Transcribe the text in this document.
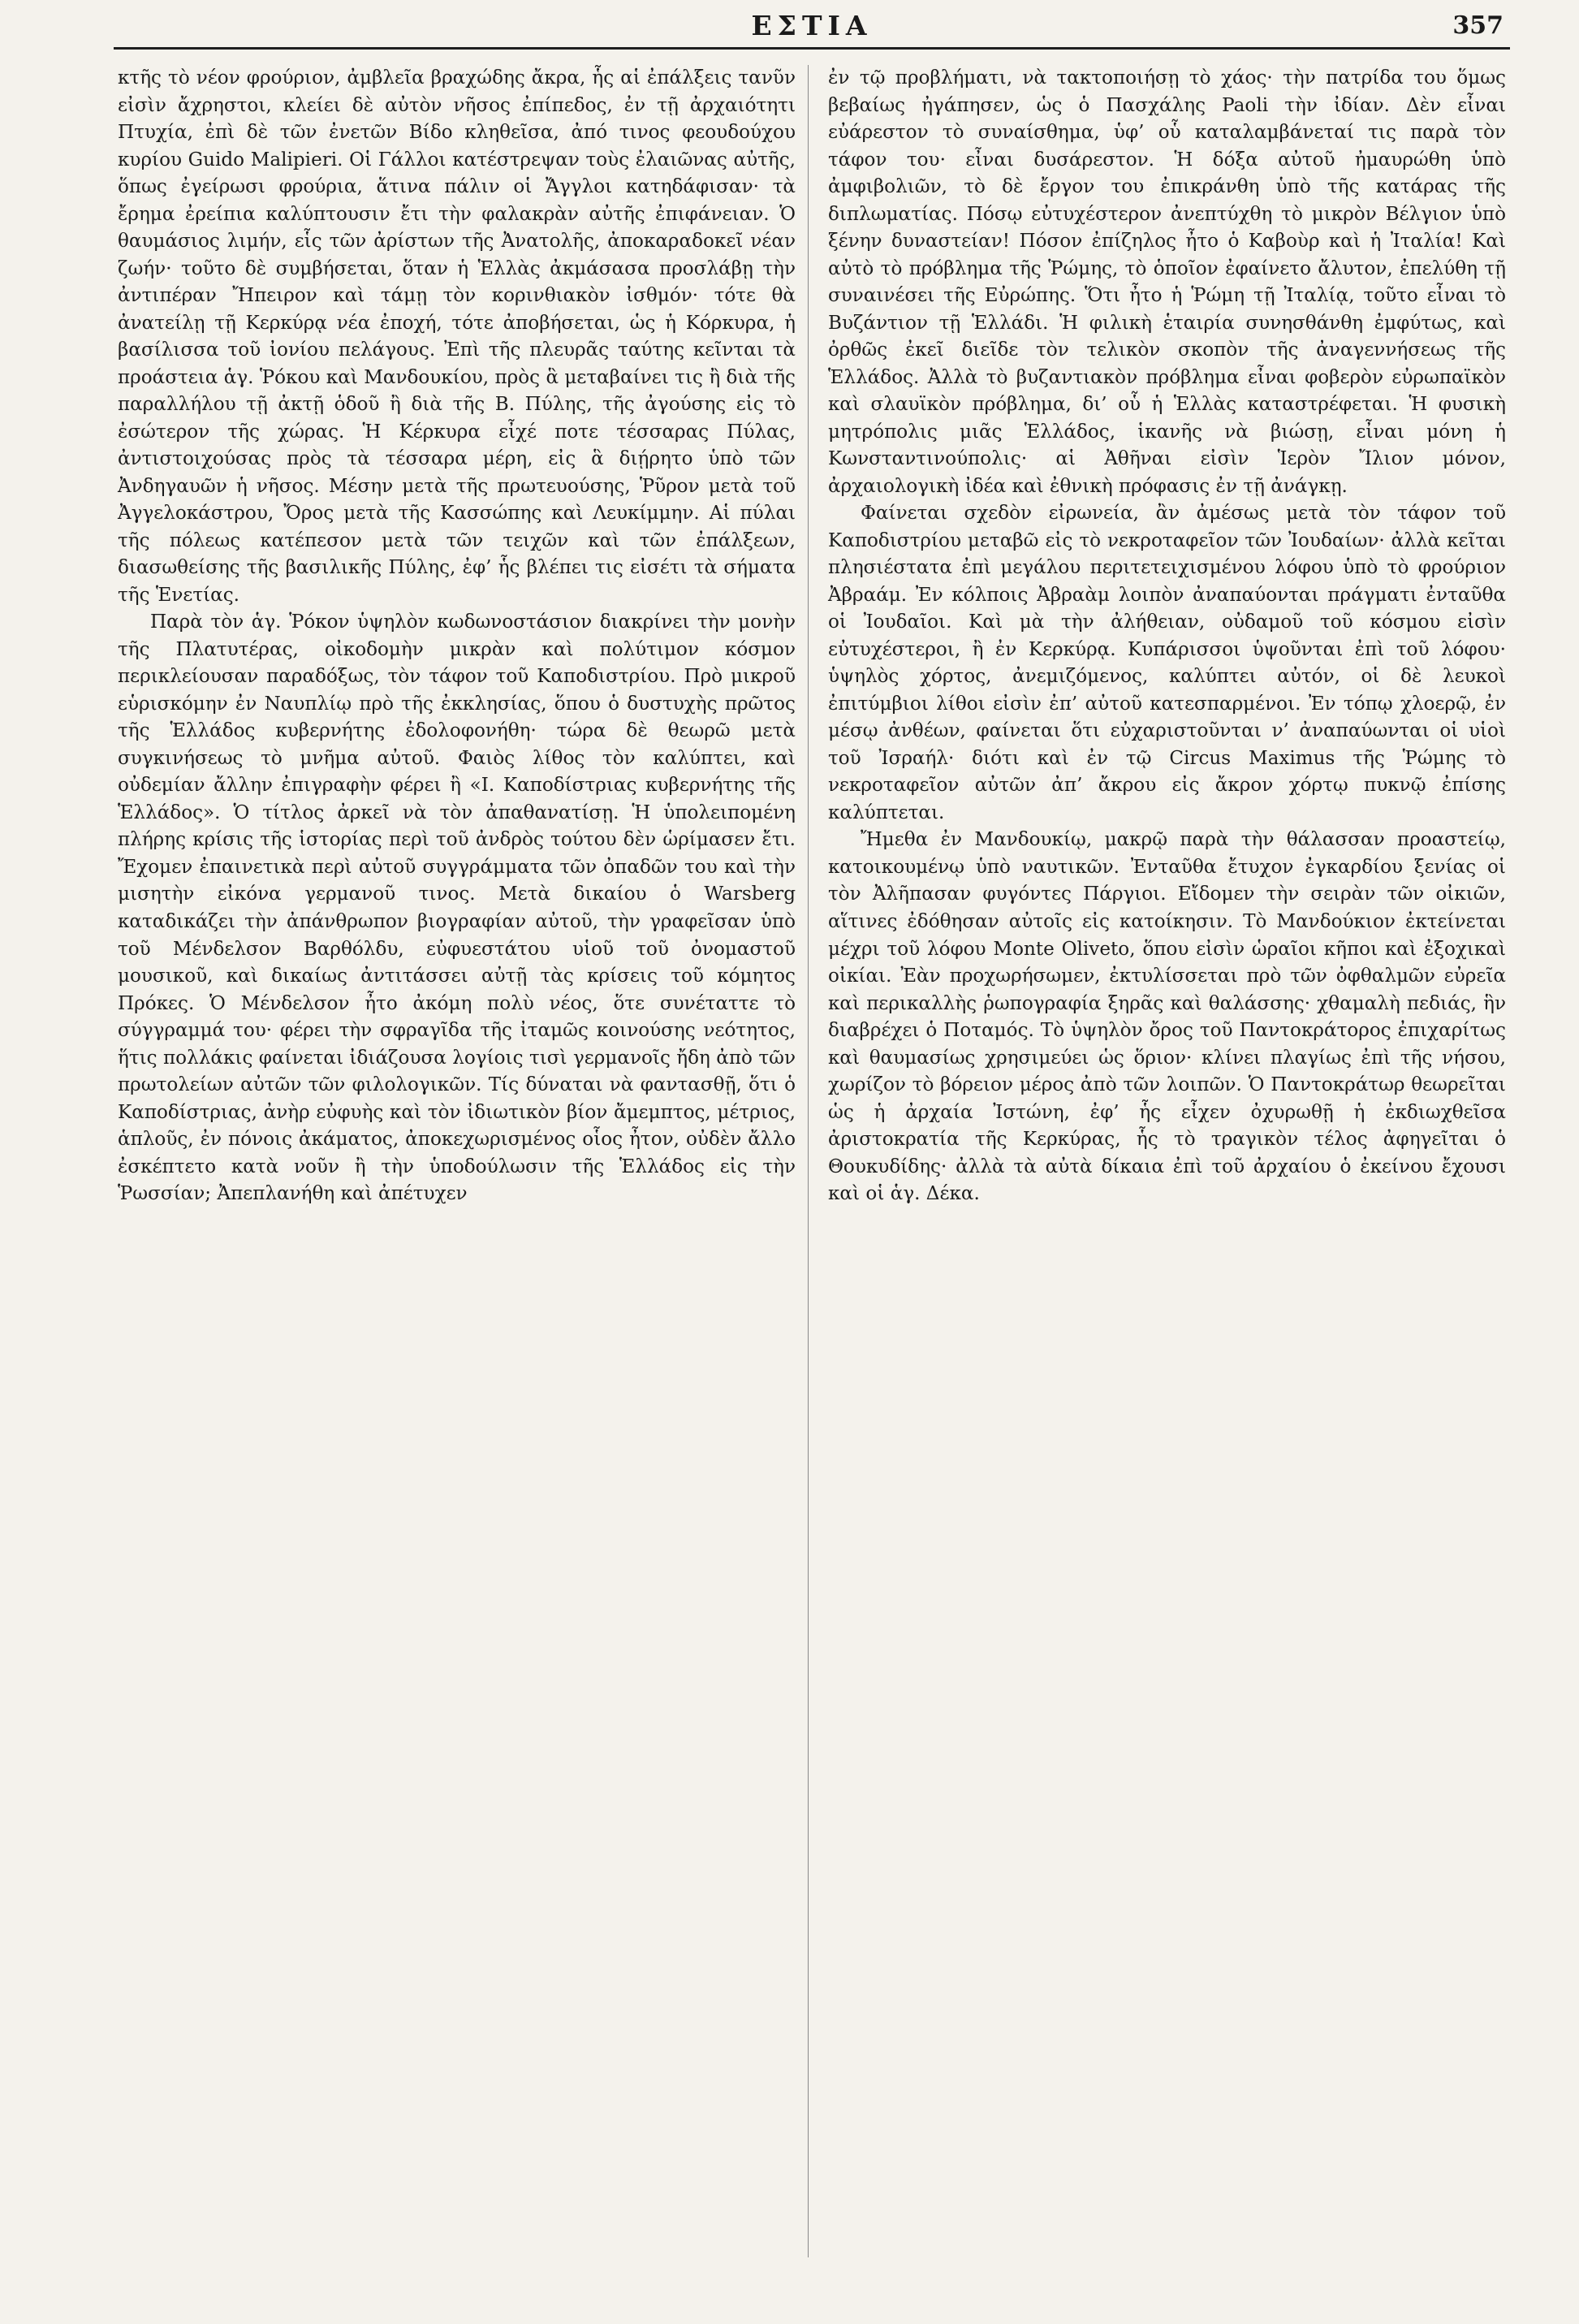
ΕΣΤΙΑ	357

κτῆς τὸ νέον φρούριον, ἀμβλεῖα βραχώδης ἄκρα, ἧς αἱ ἐπάλξεις τανῦν εἰσὶν ἄχρηστοι, κλείει δὲ αὐτὸν νῆσος ἐπίπεδος, ἐν τῇ ἀρχαιότητι Πτυχία, ἐπὶ δὲ τῶν ἐνετῶν Βίδο κληθεῖσα, ἀπό τινος φεουδούχου κυρίου Guido Malipieri. Οἱ Γάλλοι κατέστρεψαν τοὺς ἐλαιῶνας αὐτῆς, ὅπως ἐγείρωσι φρούρια, ἅτινα πάλιν οἱ Ἄγγλοι κατηδάφισαν· τὰ ἔρημα ἐρείπια καλύπτουσιν ἔτι τὴν φαλακρὰν αὐτῆς ἐπιφάνειαν. Ὁ θαυμάσιος λιμήν, εἷς τῶν ἀρίστων τῆς Ἀνατολῆς, ἀποκαραδοκεῖ νέαν ζωήν· τοῦτο δὲ συμβήσεται, ὅταν ἡ Ἑλλὰς ἀκμάσασα προσλάβῃ τὴν ἀντιπέραν Ἤπειρον καὶ τάμῃ τὸν κορινθιακὸν ἰσθμόν· τότε θὰ ἀνατείλῃ τῇ Κερκύρᾳ νέα ἐποχή, τότε ἀποβήσεται, ὡς ἡ Κόρκυρα, ἡ βασίλισσα τοῦ ἰονίου πελάγους. Ἐπὶ τῆς πλευρᾶς ταύτης κεῖνται τὰ προάστεια ἁγ. Ῥόκου καὶ Μανδουκίου, πρὸς ἃ μεταβαίνει τις ἢ διὰ τῆς παραλλήλου τῇ ἀκτῇ ὁδοῦ ἢ διὰ τῆς Β. Πύλης, τῆς ἀγούσης εἰς τὸ ἐσώτερον τῆς χώρας. Ἡ Κέρκυρα εἶχέ ποτε τέσσαρας Πύλας, ἀντιστοιχούσας πρὸς τὰ τέσσαρα μέρη, εἰς ἃ διῄρητο ὑπὸ τῶν Ἀνδηγαυῶν ἡ νῆσος. Μέσην μετὰ τῆς πρωτευούσης, Ῥῦρον μετὰ τοῦ Ἀγγελοκάστρου, Ὄρος μετὰ τῆς Κασσώπης καὶ Λευκίμμην. Αἱ πύλαι τῆς πόλεως κατέπεσον μετὰ τῶν τειχῶν καὶ τῶν ἐπάλξεων, διασωθείσης τῆς βασιλικῆς Πύλης, ἐφ’ ἧς βλέπει τις εἰσέτι τὰ σήματα τῆς Ἑνετίας.

Παρὰ τὸν ἁγ. Ῥόκον ὑψηλὸν κωδωνοστάσιον διακρίνει τὴν μονὴν τῆς Πλατυτέρας, οἰκοδομὴν μικρὰν καὶ πολύτιμον κόσμον περικλείουσαν παραδόξως, τὸν τάφον τοῦ Καποδιστρίου. Πρὸ μικροῦ εὑρισκόμην ἐν Ναυπλίῳ πρὸ τῆς ἐκκλησίας, ὅπου ὁ δυστυχὴς πρῶτος τῆς Ἑλλάδος κυβερνήτης ἐδολοφονήθη· τώρα δὲ θεωρῶ μετὰ συγκινήσεως τὸ μνῆμα αὐτοῦ. Φαιὸς λίθος τὸν καλύπτει, καὶ οὐδεμίαν ἄλλην ἐπιγραφὴν φέρει ἢ «Ι. Καποδίστριας κυβερνήτης τῆς Ἑλλάδος». Ὁ τίτλος ἀρκεῖ νὰ τὸν ἀπαθανατίσῃ. Ἡ ὑπολειπομένη πλήρης κρίσις τῆς ἱστορίας περὶ τοῦ ἀνδρὸς τούτου δὲν ὡρίμασεν ἔτι. Ἔχομεν ἐπαινετικὰ περὶ αὐτοῦ συγγράμματα τῶν ὀπαδῶν του καὶ τὴν μισητὴν εἰκόνα γερμανοῦ τινος. Μετὰ δικαίου ὁ Warsberg καταδικάζει τὴν ἀπάνθρωπον βιογραφίαν αὐτοῦ, τὴν γραφεῖσαν ὑπὸ τοῦ Μένδελσον Βαρθόλδυ, εὐφυεστάτου υἱοῦ τοῦ ὀνομαστοῦ μουσικοῦ, καὶ δικαίως ἀντιτάσσει αὐτῇ τὰς κρίσεις τοῦ κόμητος Πρόκες. Ὁ Μένδελσον ἦτο ἀκόμη πολὺ νέος, ὅτε συνέταττε τὸ σύγγραμμά του· φέρει τὴν σφραγῖδα τῆς ἰταμῶς κοινούσης νεότητος, ἥτις πολλάκις φαίνεται ἰδιάζουσα λογίοις τισὶ γερμανοῖς ἤδη ἀπὸ τῶν πρωτολείων αὐτῶν τῶν φιλολογικῶν. Τίς δύναται νὰ φαντασθῇ, ὅτι ὁ Καποδίστριας, ἀνὴρ εὐφυὴς καὶ τὸν ἰδιωτικὸν βίον ἄμεμπτος, μέτριος, ἁπλοῦς, ἐν πόνοις ἀκάματος, ἀποκεχωρισμένος οἷος ἦτον, οὐδὲν ἄλλο ἐσκέπτετο κατὰ νοῦν ἢ τὴν ὑποδούλωσιν τῆς Ἑλλάδος εἰς τὴν Ῥωσσίαν; Ἀπεπλανήθη καὶ ἀπέτυχεν

ἐν τῷ προβλήματι, νὰ τακτοποιήσῃ τὸ χάος· τὴν πατρίδα του ὅμως βεβαίως ἠγάπησεν, ὡς ὁ Πασχάλης Paoli τὴν ἰδίαν. Δὲν εἶναι εὐάρεστον τὸ συναίσθημα, ὑφ’ οὗ καταλαμβάνεταί τις παρὰ τὸν τάφον του· εἶναι δυσάρεστον. Ἡ δόξα αὐτοῦ ἠμαυρώθη ὑπὸ ἀμφιβολιῶν, τὸ δὲ ἔργον του ἐπικράνθη ὑπὸ τῆς κατάρας τῆς διπλωματίας. Πόσῳ εὐτυχέστερον ἀνεπτύχθη τὸ μικρὸν Βέλγιον ὑπὸ ξένην δυναστείαν! Πόσον ἐπίζηλος ἦτο ὁ Καβοὺρ καὶ ἡ Ἰταλία! Καὶ αὐτὸ τὸ πρόβλημα τῆς Ῥώμης, τὸ ὁποῖον ἐφαίνετο ἄλυτον, ἐπελύθη τῇ συναινέσει τῆς Εὐρώπης. Ὅτι ἦτο ἡ Ῥώμη τῇ Ἰταλίᾳ, τοῦτο εἶναι τὸ Βυζάντιον τῇ Ἑλλάδι. Ἡ φιλικὴ ἑταιρία συνησθάνθη ἐμφύτως, καὶ ὀρθῶς ἐκεῖ διεῖδε τὸν τελικὸν σκοπὸν τῆς ἀναγεννήσεως τῆς Ἑλλάδος. Ἀλλὰ τὸ βυζαντιακὸν πρόβλημα εἶναι φοβερὸν εὐρωπαϊκὸν καὶ σλαυϊκὸν πρόβλημα, δι’ οὗ ἡ Ἑλλὰς καταστρέφεται. Ἡ φυσικὴ μητρόπολις μιᾶς Ἑλλάδος, ἱκανῆς νὰ βιώσῃ, εἶναι μόνη ἡ Κωνσταντινούπολις· αἱ Ἀθῆναι εἰσὶν Ἱερὸν Ἴλιον μόνον, ἀρχαιολογικὴ ἰδέα καὶ ἐθνικὴ πρόφασις ἐν τῇ ἀνάγκῃ.

Φαίνεται σχεδὸν εἰρωνεία, ἂν ἀμέσως μετὰ τὸν τάφον τοῦ Καποδιστρίου μεταβῶ εἰς τὸ νεκροταφεῖον τῶν Ἰουδαίων· ἀλλὰ κεῖται πλησιέστατα ἐπὶ μεγάλου περιτετειχισμένου λόφου ὑπὸ τὸ φρούριον Ἀβραάμ. Ἐν κόλποις Ἀβραὰμ λοιπὸν ἀναπαύονται πράγματι ἐνταῦθα οἱ Ἰουδαῖοι. Καὶ μὰ τὴν ἀλήθειαν, οὐδαμοῦ τοῦ κόσμου εἰσὶν εὐτυχέστεροι, ἢ ἐν Κερκύρᾳ. Κυπάρισσοι ὑψοῦνται ἐπὶ τοῦ λόφου· ὑψηλὸς χόρτος, ἀνεμιζόμενος, καλύπτει αὐτόν, οἱ δὲ λευκοὶ ἐπιτύμβιοι λίθοι εἰσὶν ἐπ’ αὐτοῦ κατεσπαρμένοι. Ἐν τόπῳ χλοερῷ, ἐν μέσῳ ἀνθέων, φαίνεται ὅτι εὐχαριστοῦνται ν’ ἀναπαύωνται οἱ υἱοὶ τοῦ Ἰσραήλ· διότι καὶ ἐν τῷ Circus Maximus τῆς Ῥώμης τὸ νεκροταφεῖον αὐτῶν ἀπ’ ἄκρου εἰς ἄκρον χόρτῳ πυκνῷ ἐπίσης καλύπτεται.

Ἤμεθα ἐν Μανδουκίῳ, μακρῷ παρὰ τὴν θάλασσαν προαστείῳ, κατοικουμένῳ ὑπὸ ναυτικῶν. Ἐνταῦθα ἔτυχον ἐγκαρδίου ξενίας οἱ τὸν Ἀλῆπασαν φυγόντες Πάργιοι. Εἴδομεν τὴν σειρὰν τῶν οἰκιῶν, αἵτινες ἐδόθησαν αὐτοῖς εἰς κατοίκησιν. Τὸ Μανδούκιον ἐκτείνεται μέχρι τοῦ λόφου Monte Oliveto, ὅπου εἰσὶν ὡραῖοι κῆποι καὶ ἐξοχικαὶ οἰκίαι. Ἐὰν προχωρήσωμεν, ἐκτυλίσσεται πρὸ τῶν ὀφθαλμῶν εὐρεῖα καὶ περικαλλὴς ῥωπογραφία ξηρᾶς καὶ θαλάσσης· χθαμαλὴ πεδιάς, ἣν διαβρέχει ὁ Ποταμός. Τὸ ὑψηλὸν ὄρος τοῦ Παντοκράτορος ἐπιχαρίτως καὶ θαυμασίως χρησιμεύει ὡς ὅριον· κλίνει πλαγίως ἐπὶ τῆς νήσου, χωρίζον τὸ βόρειον μέρος ἀπὸ τῶν λοιπῶν. Ὁ Παντοκράτωρ θεωρεῖται ὡς ἡ ἀρχαία Ἰστώνη, ἐφ’ ἧς εἶχεν ὀχυρωθῇ ἡ ἐκδιωχθεῖσα ἀριστοκρατία τῆς Κερκύρας, ἧς τὸ τραγικὸν τέλος ἀφηγεῖται ὁ Θουκυδίδης· ἀλλὰ τὰ αὐτὰ δίκαια ἐπὶ τοῦ ἀρχαίου ὁ ἐκείνου ἔχουσι καὶ οἱ ἁγ. Δέκα.
